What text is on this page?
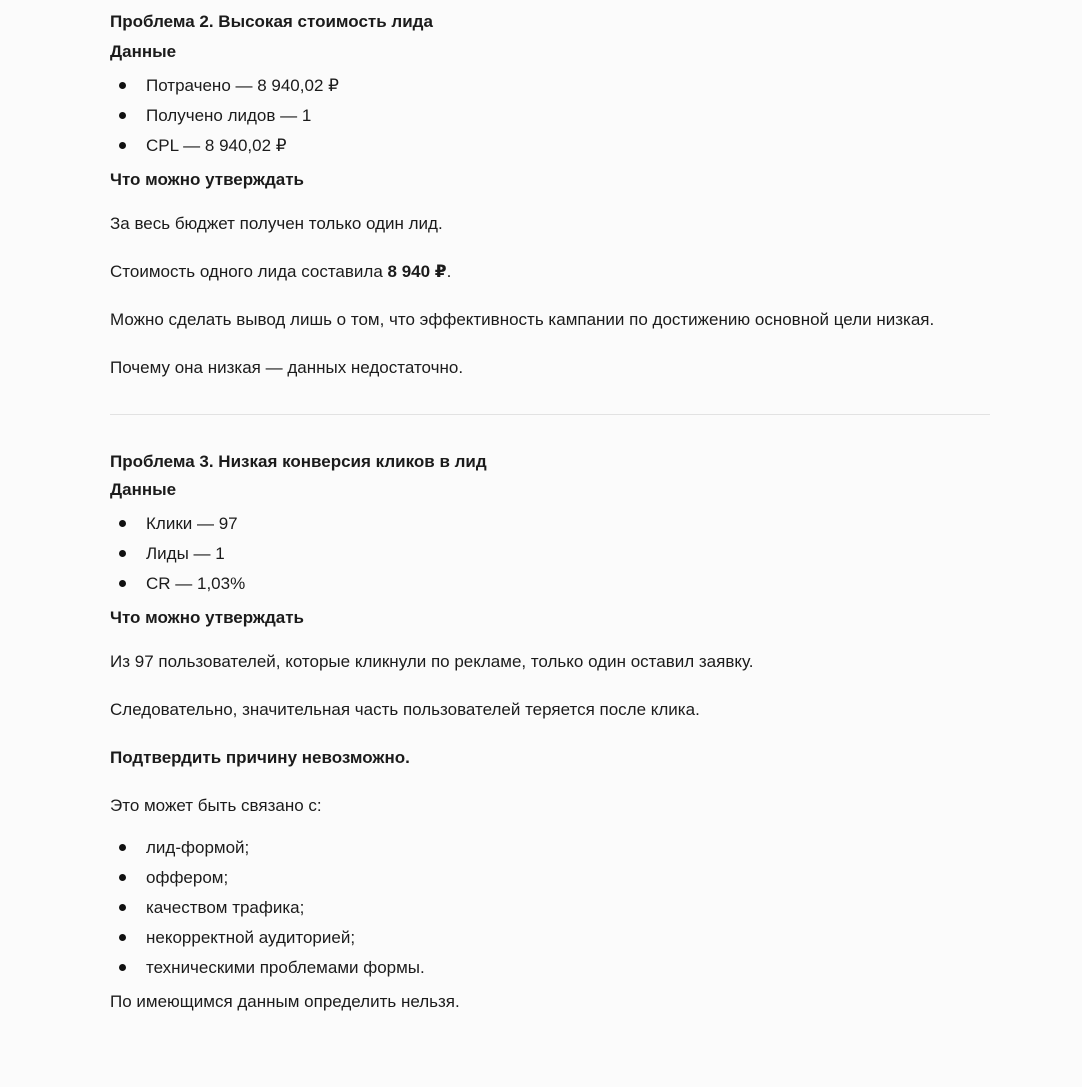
Проблема 2. Высокая стоимость лида
Данные
Потрачено — 8 940,02 ₽
Получено лидов — 1
CPL — 8 940,02 ₽
Что можно утверждать

За весь бюджет получен только один лид.

Стоимость одного лида составила 8 940 ₽.

Можно сделать вывод лишь о том, что эффективность кампании по достижению основной цели низкая.

Почему она низкая — данных недостаточно.

Проблема 3. Низкая конверсия кликов в лид
Данные
Клики — 97
Лиды — 1
CR — 1,03%
Что можно утверждать

Из 97 пользователей, которые кликнули по рекламе, только один оставил заявку.

Следовательно, значительная часть пользователей теряется после клика.

Подтвердить причину невозможно.

Это может быть связано с:

лид-формой;
оффером;
качеством трафика;
некорректной аудиторией;
техническими проблемами формы.

По имеющимся данным определить нельзя.
